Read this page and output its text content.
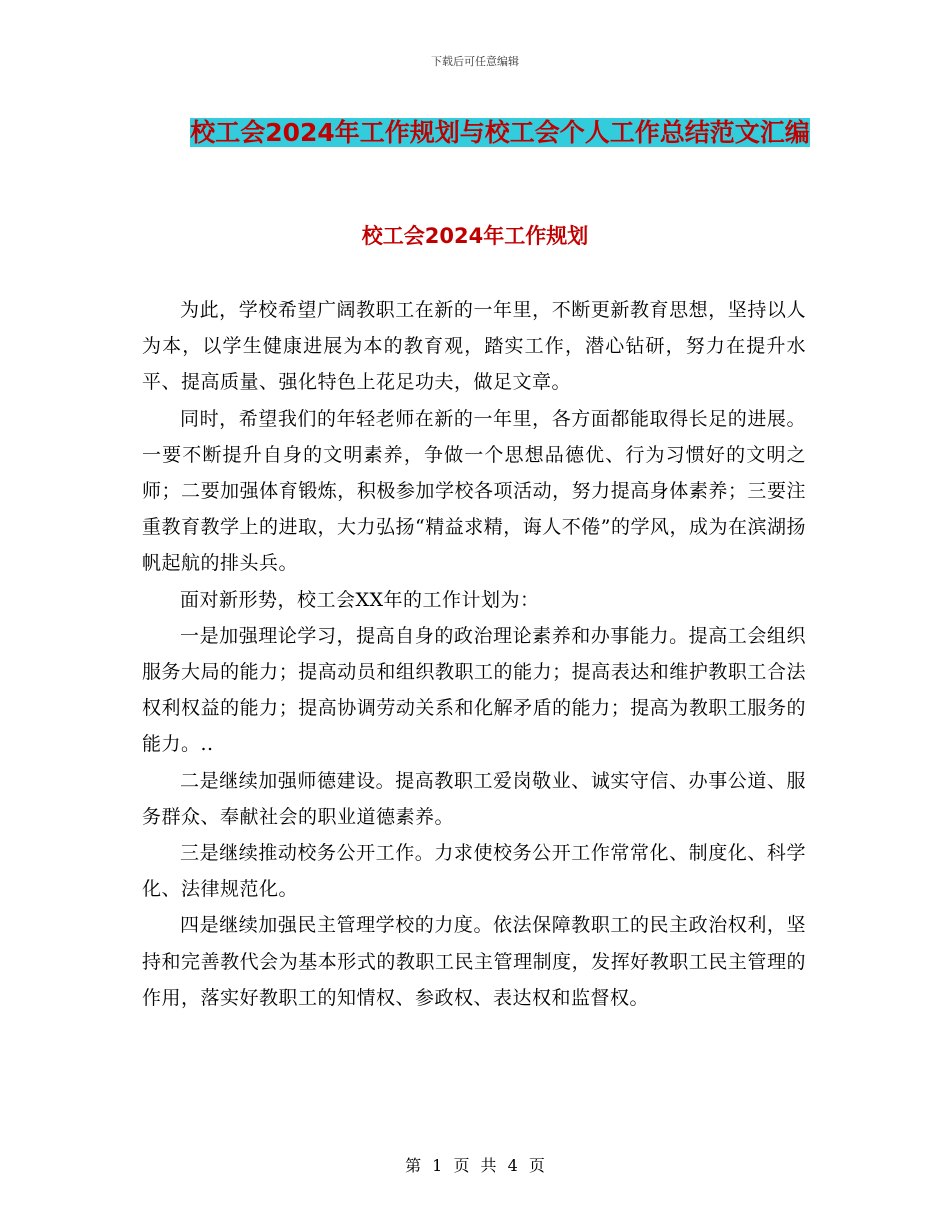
下载后可任意编辑
校工会2024年工作规划与校工会个人工作总结范文汇编
校工会2024年工作规划

为此，学校希望广阔教职工在新的一年里，不断更新教育思想，坚持以人为本，以学生健康进展为本的教育观，踏实工作，潜心钻研，努力在提升水平、提高质量、强化特色上花足功夫，做足文章。

同时，希望我们的年轻老师在新的一年里，各方面都能取得长足的进展。一要不断提升自身的文明素养，争做一个思想品德优、行为习惯好的文明之师；二要加强体育锻炼，积极参加学校各项活动，努力提高身体素养；三要注重教育教学上的进取，大力弘扬“精益求精，诲人不倦”的学风，成为在滨湖扬帆起航的排头兵。

面对新形势，校工会XX年的工作计划为：

一是加强理论学习，提高自身的政治理论素养和办事能力。提高工会组织服务大局的能力；提高动员和组织教职工的能力；提高表达和维护教职工合法权利权益的能力；提高协调劳动关系和化解矛盾的能力；提高为教职工服务的能力。..

二是继续加强师德建设。提高教职工爱岗敬业、诚实守信、办事公道、服务群众、奉献社会的职业道德素养。

三是继续推动校务公开工作。力求使校务公开工作常常化、制度化、科学化、法律规范化。

四是继续加强民主管理学校的力度。依法保障教职工的民主政治权利，坚持和完善教代会为基本形式的教职工民主管理制度，发挥好教职工民主管理的作用，落实好教职工的知情权、参政权、表达权和监督权。

第 1 页 共 4 页
